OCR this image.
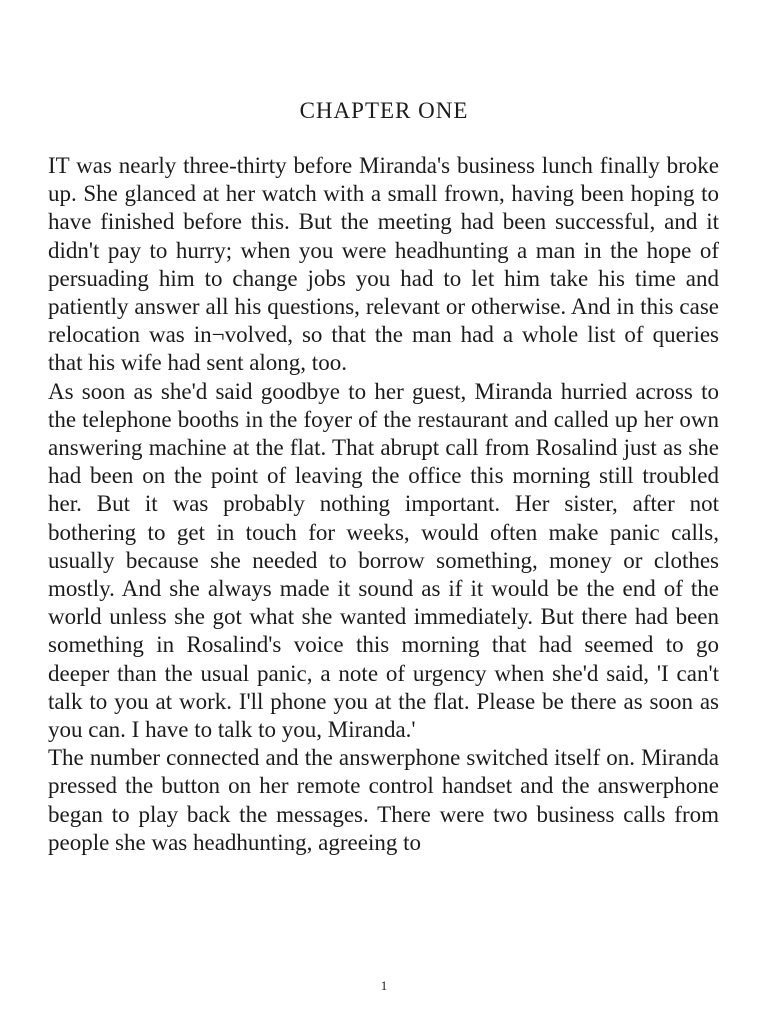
CHAPTER ONE

IT was nearly three-thirty before Miranda's business lunch finally broke up. She glanced at her watch with a small frown, having been hoping to have finished before this. But the meeting had been successful, and it didn't pay to hurry; when you were headhunting a man in the hope of persuading him to change jobs you had to let him take his time and patiently answer all his questions, relevant or otherwise. And in this case relocation was in¬volved, so that the man had a whole list of queries that his wife had sent along, too.

As soon as she'd said goodbye to her guest, Miranda hurried across to the telephone booths in the foyer of the restaurant and called up her own answering machine at the flat. That abrupt call from Rosalind just as she had been on the point of leaving the office this morning still troubled her. But it was probably nothing important. Her sister, after not bothering to get in touch for weeks, would often make panic calls, usually because she needed to borrow something, money or clothes mostly. And she always made it sound as if it would be the end of the world unless she got what she wanted immediately. But there had been something in Rosalind's voice this morning that had seemed to go deeper than the usual panic, a note of urgency when she'd said, 'I can't talk to you at work. I'll phone you at the flat. Please be there as soon as you can. I have to talk to you, Miranda.'

The number connected and the answerphone switched itself on. Miranda pressed the button on her remote control handset and the answerphone began to play back the messages. There were two business calls from people she was headhunting, agreeing to

1
